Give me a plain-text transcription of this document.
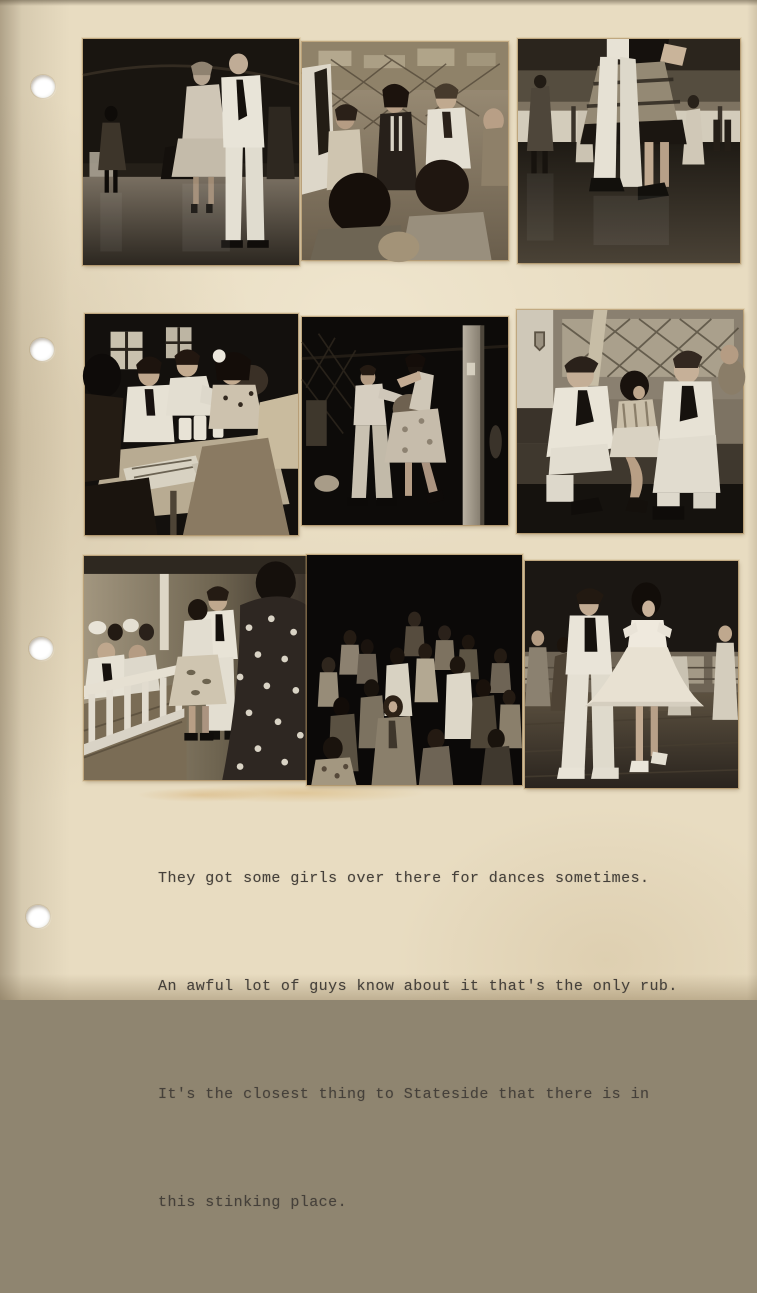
They got some girls over there for dances sometimes.

An awful lot of guys know about it that's the only rub.

It's the closest thing to Stateside that there is in

this stinking place.
